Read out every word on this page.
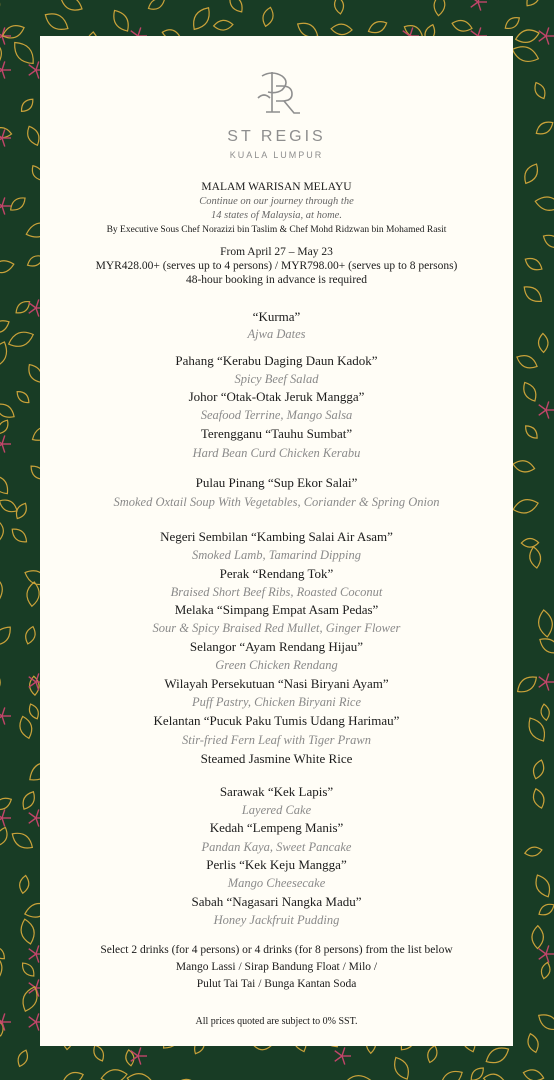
ST REGIS
KUALA LUMPUR
MALAM WARISAN MELAYU
Continue on our journey through the
14 states of Malaysia, at home.
By Executive Sous Chef Norazizi bin Taslim & Chef Mohd Ridzwan bin Mohamed Rasit
From April 27 – May 23
MYR428.00+ (serves up to 4 persons) / MYR798.00+ (serves up to 8 persons)
48-hour booking in advance is required
“Kurma”
Ajwa Dates
Pahang “Kerabu Daging Daun Kadok”
Spicy Beef Salad
Johor “Otak-Otak Jeruk Mangga”
Seafood Terrine, Mango Salsa
Terengganu “Tauhu Sumbat”
Hard Bean Curd Chicken Kerabu
Pulau Pinang “Sup Ekor Salai”
Smoked Oxtail Soup With Vegetables, Coriander & Spring Onion
Negeri Sembilan “Kambing Salai Air Asam”
Smoked Lamb, Tamarind Dipping
Perak “Rendang Tok”
Braised Short Beef Ribs, Roasted Coconut
Melaka “Simpang Empat Asam Pedas”
Sour & Spicy Braised Red Mullet, Ginger Flower
Selangor “Ayam Rendang Hijau”
Green Chicken Rendang
Wilayah Persekutuan “Nasi Biryani Ayam”
Puff Pastry, Chicken Biryani Rice
Kelantan “Pucuk Paku Tumis Udang Harimau”
Stir-fried Fern Leaf with Tiger Prawn
Steamed Jasmine White Rice
Sarawak “Kek Lapis”
Layered Cake
Kedah “Lempeng Manis”
Pandan Kaya, Sweet Pancake
Perlis “Kek Keju Mangga”
Mango Cheesecake
Sabah “Nagasari Nangka Madu”
Honey Jackfruit Pudding
Select 2 drinks (for 4 persons) or 4 drinks (for 8 persons) from the list below
Mango Lassi / Sirap Bandung Float / Milo /
Pulut Tai Tai / Bunga Kantan Soda
All prices quoted are subject to 0% SST.
